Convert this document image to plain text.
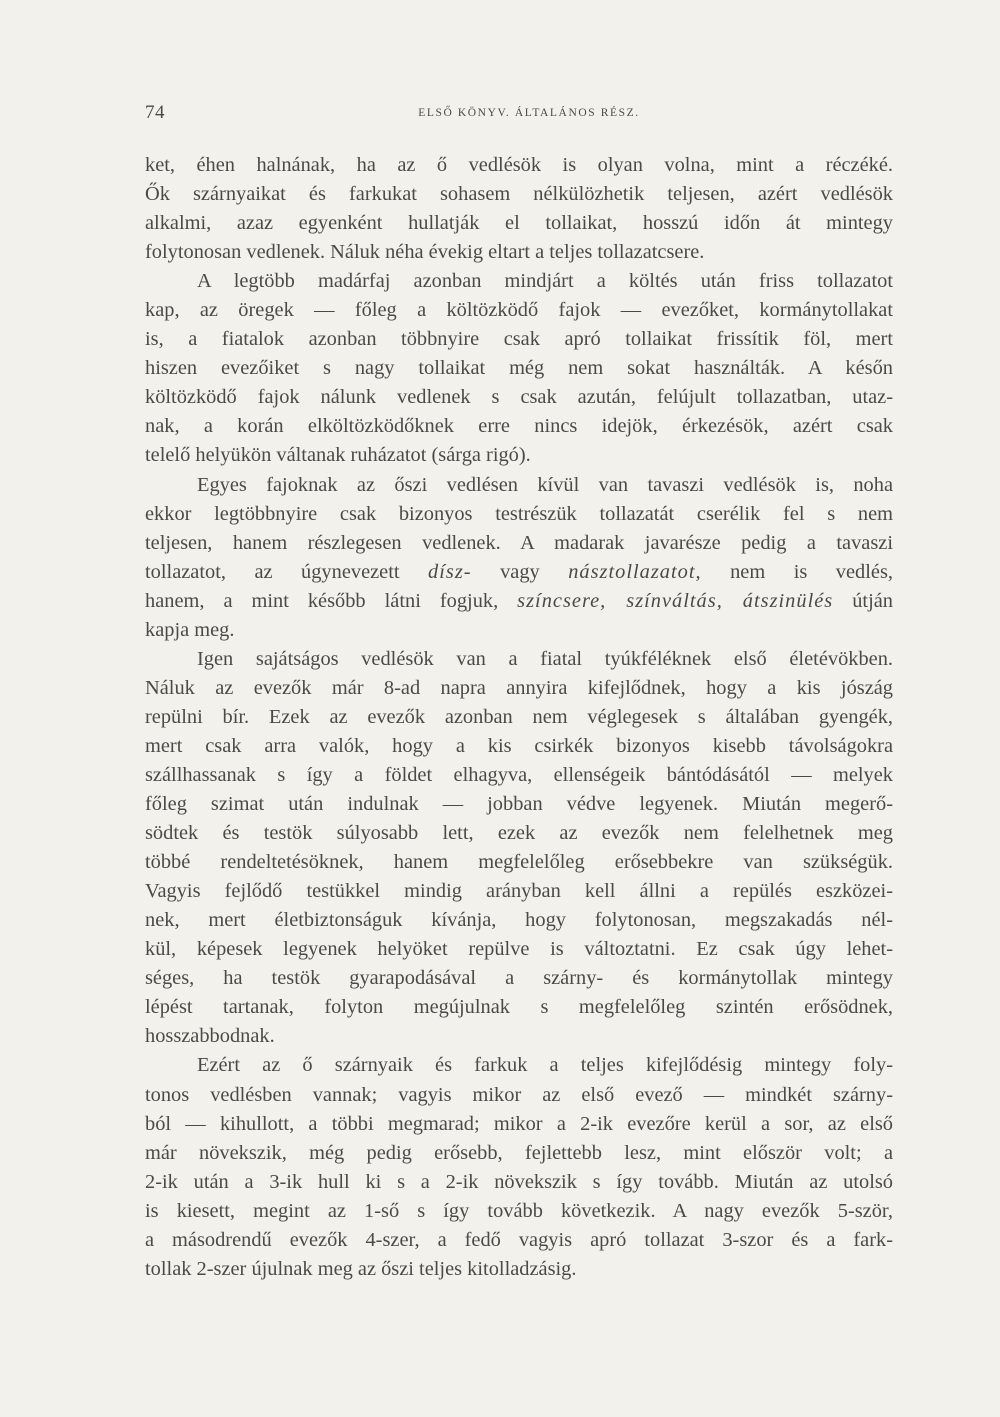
74	ELSŐ KÖNYV. ÁLTALÁNOS RÉSZ.
ket, éhen halnának, ha az ő vedlésök is olyan volna, mint a réczéké.
Ők szárnyaikat és farkukat sohasem nélkülözhetik teljesen, azért vedlésök
alkalmi, azaz egyenként hullatják el tollaikat, hosszú időn át mintegy
folytonosan vedlenek. Náluk néha évekig eltart a teljes tollazatcsere.
A legtöbb madárfaj azonban mindjárt a költés után friss tollazatot
kap, az öregek — főleg a költözködő fajok — evezőket, kormánytollakat
is, a fiatalok azonban többnyire csak apró tollaikat frissítik föl, mert
hiszen evezőiket s nagy tollaikat még nem sokat használták. A későn
költözködő fajok nálunk vedlenek s csak azután, felújult tollazatban, utaz-
nak, a korán elköltözködőknek erre nincs idejök, érkezésök, azért csak
telelő helyükön váltanak ruházatot (sárga rigó).
Egyes fajoknak az őszi vedlésen kívül van tavaszi vedlésök is, noha
ekkor legtöbbnyire csak bizonyos testrészük tollazatát cserélik fel s nem
teljesen, hanem részlegesen vedlenek. A madarak javarésze pedig a tavaszi
tollazatot, az úgynevezett dísz- vagy násztollazatot, nem is vedlés,
hanem, a mint később látni fogjuk, színcsere, színváltás, átszinülés útján
kapja meg.
Igen sajátságos vedlésök van a fiatal tyúkféléknek első életévökben.
Náluk az evezők már 8-ad napra annyira kifejlődnek, hogy a kis jószág
repülni bír. Ezek az evezők azonban nem véglegesek s általában gyengék,
mert csak arra valók, hogy a kis csirkék bizonyos kisebb távolságokra
szállhassanak s így a földet elhagyva, ellenségeik bántódásától — melyek
főleg szimat után indulnak — jobban védve legyenek. Miután megerő-
södtek és testök súlyosabb lett, ezek az evezők nem felelhetnek meg
többé rendeltetésöknek, hanem megfelelőleg erősebbekre van szükségük.
Vagyis fejlődő testükkel mindig arányban kell állni a repülés eszközei-
nek, mert életbiztonságuk kívánja, hogy folytonosan, megszakadás nél-
kül, képesek legyenek helyöket repülve is változtatni. Ez csak úgy lehet-
séges, ha testök gyarapodásával a szárny- és kormánytollak mintegy
lépést tartanak, folyton megújulnak s megfelelőleg szintén erősödnek,
hosszabbodnak.
Ezért az ő szárnyaik és farkuk a teljes kifejlődésig mintegy foly-
tonos vedlésben vannak; vagyis mikor az első evező — mindkét szárny-
ból — kihullott, a többi megmarad; mikor a 2-ik evezőre kerül a sor, az első
már növekszik, még pedig erősebb, fejlettebb lesz, mint először volt; a
2-ik után a 3-ik hull ki s a 2-ik növekszik s így tovább. Miután az utolsó
is kiesett, megint az 1-ső s így tovább következik. A nagy evezők 5-ször,
a másodrendű evezők 4-szer, a fedő vagyis apró tollazat 3-szor és a fark-
tollak 2-szer újulnak meg az őszi teljes kitolladzásig.
